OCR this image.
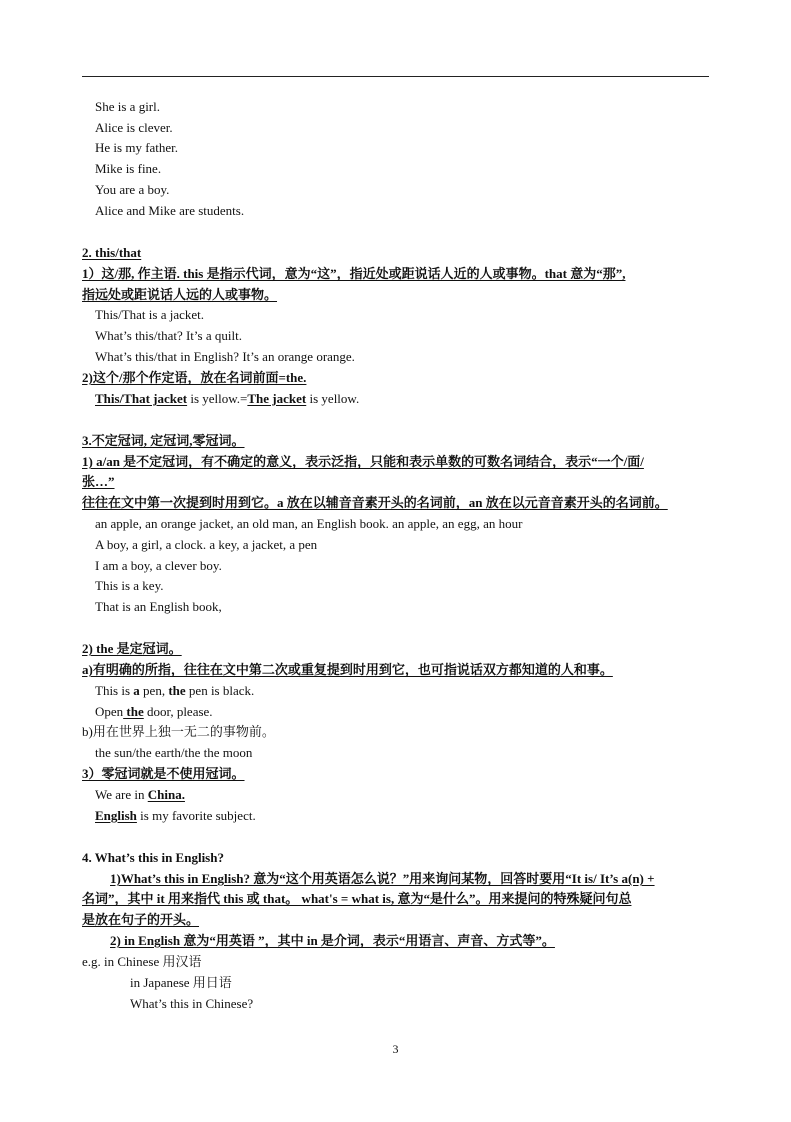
She is a girl.
Alice is clever.
He is my father.
Mike is fine.
You are a boy.
Alice and Mike are students.
2. this/that
1）这/那, 作主语. this 是指示代词，意为“这”，指近处或距说话人近的人或事物。that 意为“那”,
指远处或距说话人远的人或事物。
This/That is a jacket.
What’s this/that? It’s a quilt.
What’s this/that in English? It’s an orange orange.
2)这个/那个作定语，放在名词前面=the.
This/That jacket is yellow.=The jacket is yellow.
3.不定冠词, 定冠词,零冠词。
1) a/an 是不定冠词，有不确定的意义，表示泛指，只能和表示单数的可数名词结合，表示“一个/面/
张…”
往往在文中第一次提到时用到它。a 放在以辅音音素开头的名词前，an 放在以元音音素开头的名词前。
an apple, an orange jacket, an old man, an English book. an apple, an egg, an hour
A boy, a girl, a clock. a key, a jacket, a pen
I am a boy, a clever boy.
This is a key.
That is an English book,
2) the 是定冠词。
a)有明确的所指，往往在文中第二次或重复提到时用到它，也可指说话双方都知道的人和事。
This is a pen, the pen is black.
Open the door, please.
b)用在世界上独一无二的事物前。
the sun/the earth/the the moon
3）零冠词就是不使用冠词。
We are in China.
English is my favorite subject.
4. What’s this in English?
1)What’s this in English? 意为“这个用英语怎么说？”用来询问某物，回答时要用“It is/ It’s a(n) +
名词”，其中 it 用来指代 this 或 that。 what's = what is, 意为“是什么”。用来提问的特殊疑问句总
是放在句子的开头。
2) in English 意为“用英语 ”，其中 in 是介词，表示“用语言、声音、方式等”。
e.g. in Chinese 用汉语
in Japanese 用日语
What’s this in Chinese?
3
